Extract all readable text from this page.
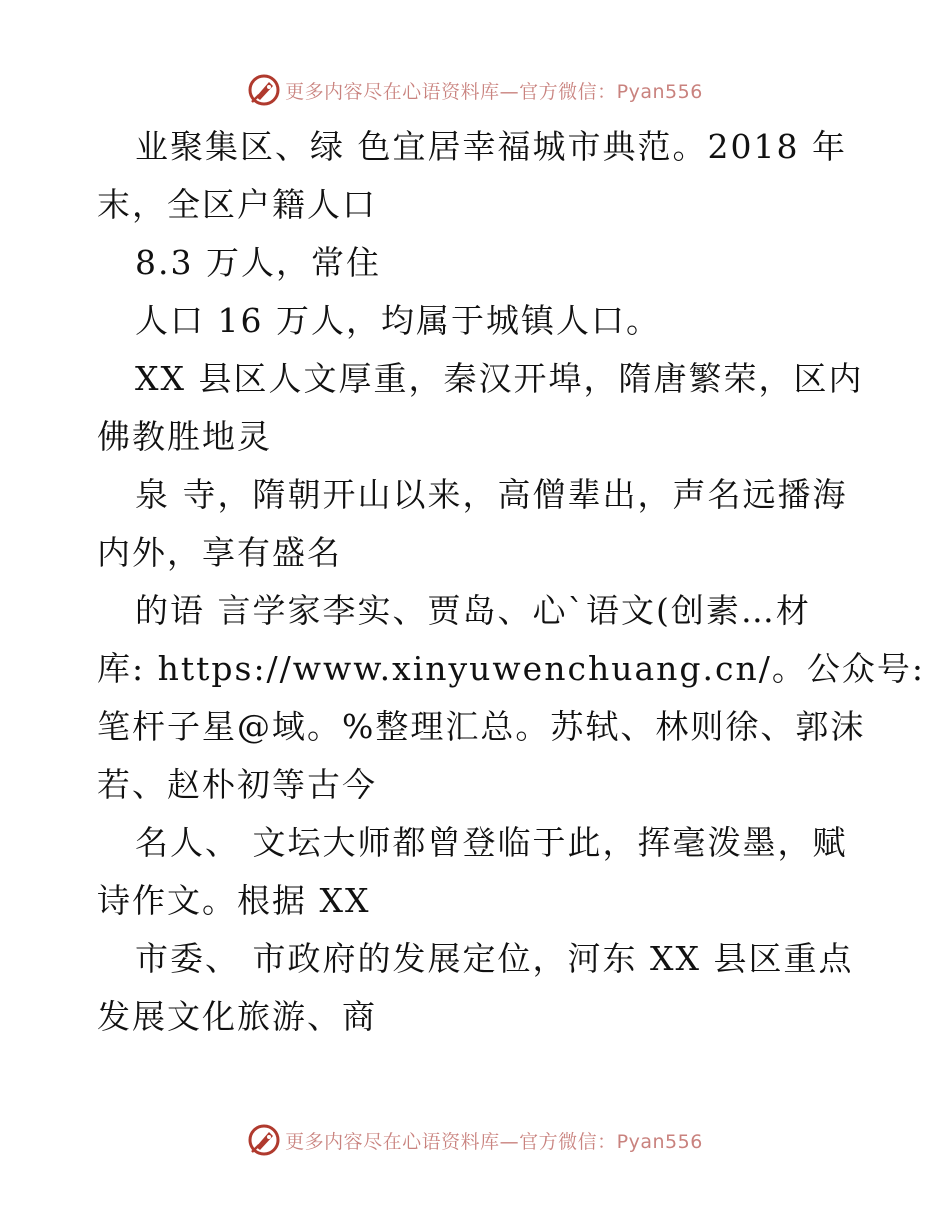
更多内容尽在心语资料库—官方微信：Pyan556
业聚集区、绿 色宜居幸福城市典范。2018 年
末，全区户籍人口
8.3 万人，常住
人口 16 万人，均属于城镇人口。
XX 县区人文厚重，秦汉开埠，隋唐繁荣，区内
佛教胜地灵
泉 寺，隋朝开山以来，高僧辈出，声名远播海
内外，享有盛名
的语 言学家李实、贾岛、心`语文(创素…材
库: https://www.xinyuwenchuang.cn/。公众号:
笔杆子星@域。%整理汇总。苏轼、林则徐、郭沫
若、赵朴初等古今
名人、 文坛大师都曾登临于此，挥毫泼墨，赋
诗作文。根据 XX
市委、 市政府的发展定位，河东 XX 县区重点
发展文化旅游、商
更多内容尽在心语资料库—官方微信：Pyan556
